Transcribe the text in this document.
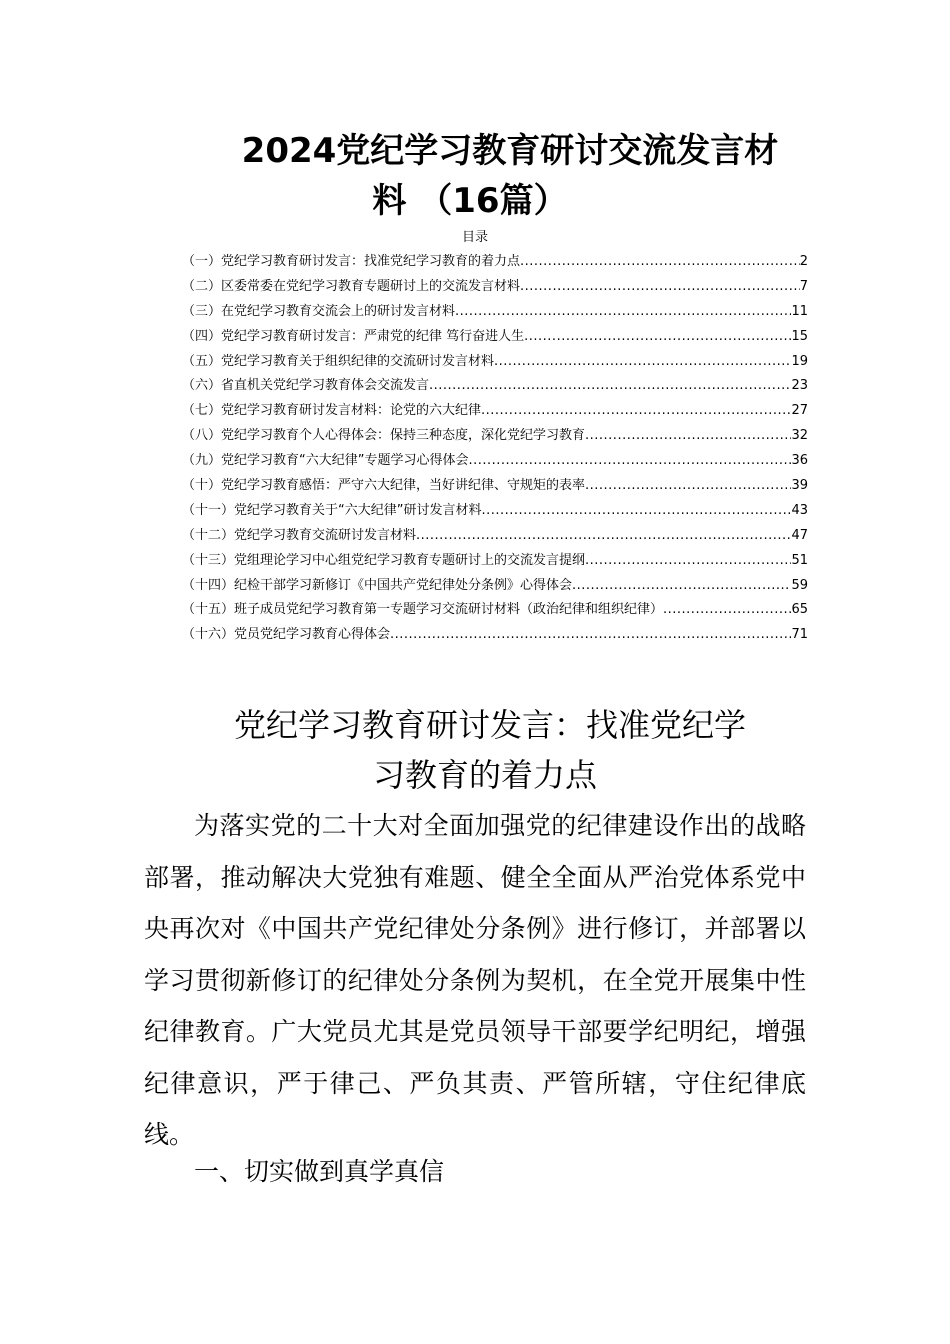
2024党纪学习教育研讨交流发言材
料 （16篇）
目录
（一）党纪学习教育研讨发言：找准党纪学习教育的着力点 .....	2
（二）区委常委在党纪学习教育专题研讨上的交流发言材料 .....	7
（三）在党纪学习教育交流会上的研讨发言材料 .....	11
（四）党纪学习教育研讨发言：严肃党的纪律 笃行奋进人生 .....	15
（五）党纪学习教育关于组织纪律的交流研讨发言材料 .....	19
（六）省直机关党纪学习教育体会交流发言 .....	23
（七）党纪学习教育研讨发言材料：论党的六大纪律 .....	27
（八）党纪学习教育个人心得体会：保持三种态度，深化党纪学习教育 .....	32
（九）党纪学习教育“六大纪律”专题学习心得体会 .....	36
（十）党纪学习教育感悟：严守六大纪律，当好讲纪律、守规矩的表率 .....	39
（十一）党纪学习教育关于“六大纪律”研讨发言材料 .....	43
（十二）党纪学习教育交流研讨发言材料 .....	47
（十三）党组理论学习中心组党纪学习教育专题研讨上的交流发言提纲 .....	51
（十四）纪检干部学习新修订《中国共产党纪律处分条例》心得体会 .....	59
（十五）班子成员党纪学习教育第一专题学习交流研讨材料（政治纪律和组织纪律） .....	65
（十六）党员党纪学习教育心得体会 .....	71
党纪学习教育研讨发言：找准党纪学
习教育的着力点

为落实党的二十大对全面加强党的纪律建设作出的战略部署，推动解决大党独有难题、健全全面从严治党体系党中央再次对《中国共产党纪律处分条例》进行修订，并部署以学习贯彻新修订的纪律处分条例为契机，在全党开展集中性纪律教育。广大党员尤其是党员领导干部要学纪明纪，增强纪律意识，严于律己、严负其责、严管所辖，守住纪律底线。

一、切实做到真学真信
